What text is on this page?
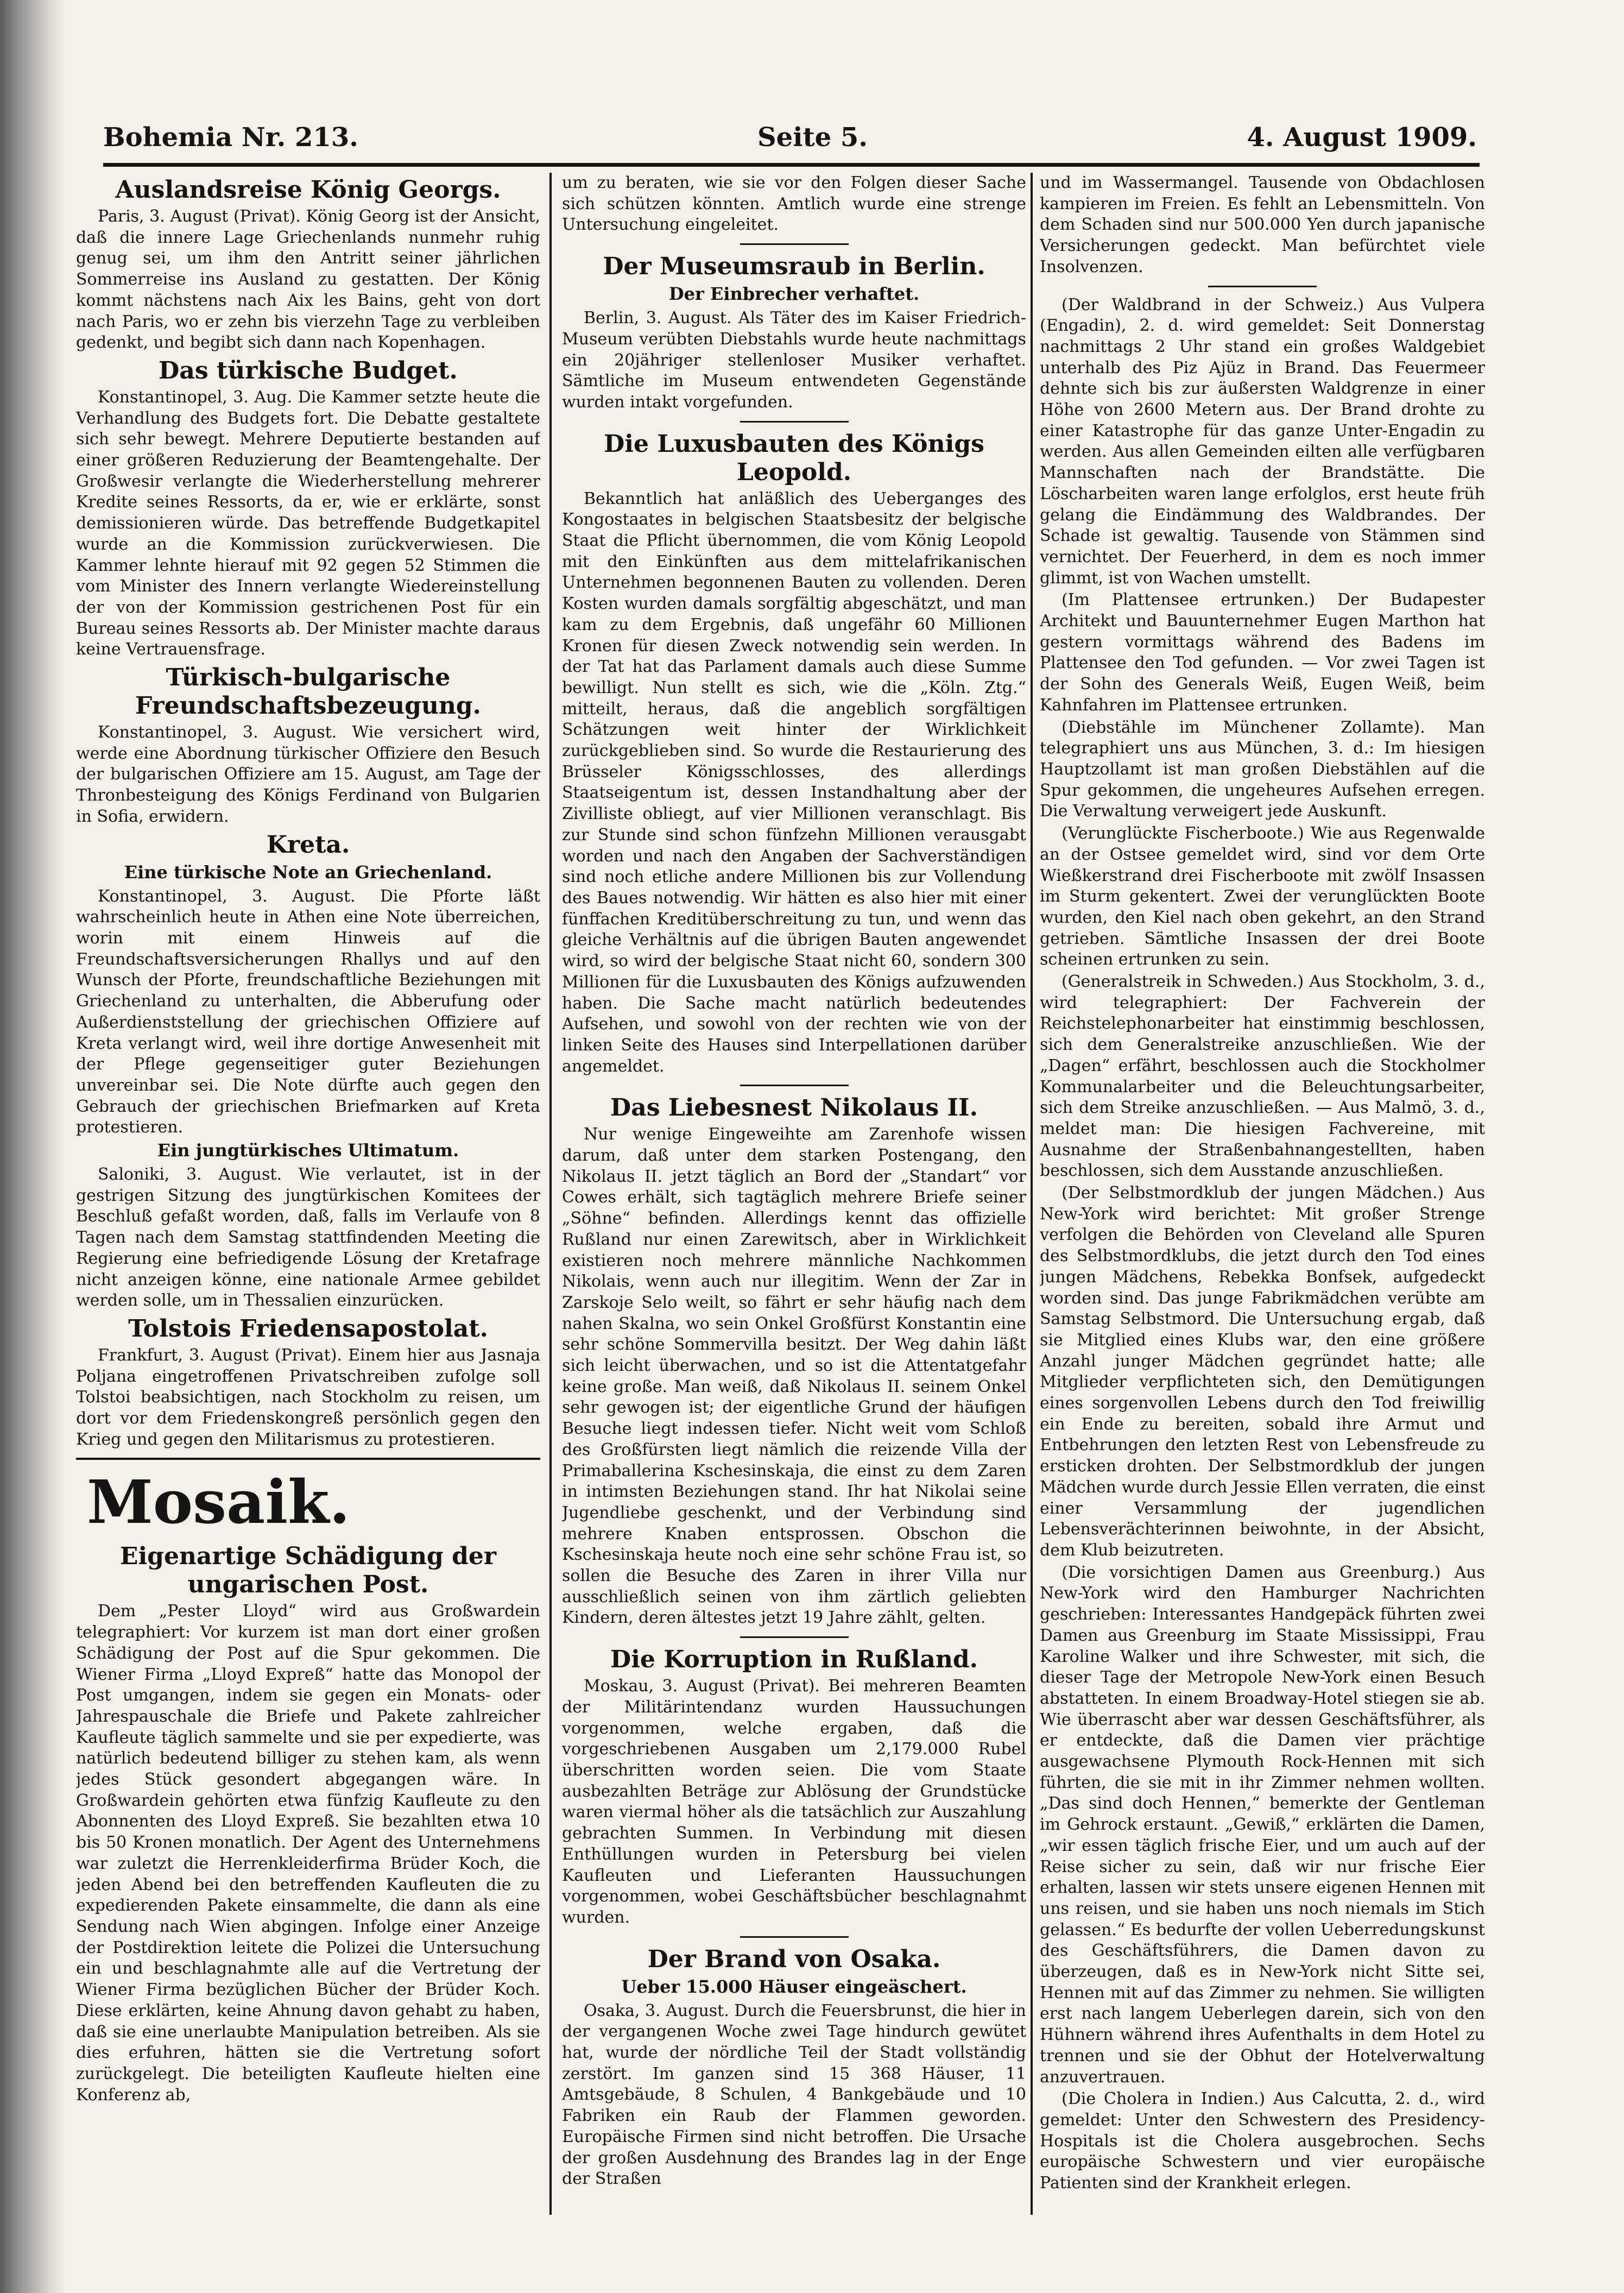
Bohemia Nr. 213.	Seite 5.	4. August 1909.
Auslandsreise König Georgs.

Paris, 3. August (Privat). König Georg ist der Ansicht, daß die innere Lage Griechenlands nunmehr ruhig genug sei, um ihm den Antritt seiner jährlichen Sommerreise ins Ausland zu gestatten. Der König kommt nächstens nach Aix les Bains, geht von dort nach Paris, wo er zehn bis vierzehn Tage zu verbleiben gedenkt, und begibt sich dann nach Kopenhagen.

Das türkische Budget.

Konstantinopel, 3. Aug. Die Kammer setzte heute die Verhandlung des Budgets fort. Die Debatte gestaltete sich sehr bewegt. Mehrere Deputierte bestanden auf einer größeren Reduzierung der Beamtengehalte. Der Großwesir verlangte die Wiederherstellung mehrerer Kredite seines Ressorts, da er, wie er erklärte, sonst demissionieren würde. Das betreffende Budgetkapitel wurde an die Kommission zurückverwiesen. Die Kammer lehnte hierauf mit 92 gegen 52 Stimmen die vom Minister des Innern verlangte Wiedereinstellung der von der Kommission gestrichenen Post für ein Bureau seines Ressorts ab. Der Minister machte daraus keine Vertrauensfrage.

Türkisch-bulgarische Freundschaftsbezeugung.

Konstantinopel, 3. August. Wie versichert wird, werde eine Abordnung türkischer Offiziere den Besuch der bulgarischen Offiziere am 15. August, am Tage der Thronbesteigung des Königs Ferdinand von Bulgarien in Sofia, erwidern.

Kreta.
Eine türkische Note an Griechenland.

Konstantinopel, 3. August. Die Pforte läßt wahrscheinlich heute in Athen eine Note überreichen, worin mit einem Hinweis auf die Freundschaftsversicherungen Rhallys und auf den Wunsch der Pforte, freundschaftliche Beziehungen mit Griechenland zu unterhalten, die Abberufung oder Außerdienststellung der griechischen Offiziere auf Kreta verlangt wird, weil ihre dortige Anwesenheit mit der Pflege gegenseitiger guter Beziehungen unvereinbar sei. Die Note dürfte auch gegen den Gebrauch der griechischen Briefmarken auf Kreta protestieren.

Ein jungtürkisches Ultimatum.

Saloniki, 3. August. Wie verlautet, ist in der gestrigen Sitzung des jungtürkischen Komitees der Beschluß gefaßt worden, daß, falls im Verlaufe von 8 Tagen nach dem Samstag stattfindenden Meeting die Regierung eine befriedigende Lösung der Kretafrage nicht anzeigen könne, eine nationale Armee gebildet werden solle, um in Thessalien einzurücken.

Tolstois Friedensapostolat.

Frankfurt, 3. August (Privat). Einem hier aus Jasnaja Poljana eingetroffenen Privatschreiben zufolge soll Tolstoi beabsichtigen, nach Stockholm zu reisen, um dort vor dem Friedenskongreß persönlich gegen den Krieg und gegen den Militarismus zu protestieren.

Mosaik.
Eigenartige Schädigung der ungarischen Post.

Dem „Pester Lloyd“ wird aus Großwardein telegraphiert: Vor kurzem ist man dort einer großen Schädigung der Post auf die Spur gekommen. Die Wiener Firma „Lloyd Expreß“ hatte das Monopol der Post umgangen, indem sie gegen ein Monats- oder Jahrespauschale die Briefe und Pakete zahlreicher Kaufleute täglich sammelte und sie per expedierte, was natürlich bedeutend billiger zu stehen kam, als wenn jedes Stück gesondert abgegangen wäre. In Großwardein gehörten etwa fünfzig Kaufleute zu den Abonnenten des Lloyd Expreß. Sie bezahlten etwa 10 bis 50 Kronen monatlich. Der Agent des Unternehmens war zuletzt die Herrenkleiderfirma Brüder Koch, die jeden Abend bei den betreffenden Kaufleuten die zu expedierenden Pakete einsammelte, die dann als eine Sendung nach Wien abgingen. Infolge einer Anzeige der Postdirektion leitete die Polizei die Untersuchung ein und beschlagnahmte alle auf die Vertretung der Wiener Firma bezüglichen Bücher der Brüder Koch. Diese erklärten, keine Ahnung davon gehabt zu haben, daß sie eine unerlaubte Manipulation betreiben. Als sie dies erfuhren, hätten sie die Vertretung sofort zurückgelegt. Die beteiligten Kaufleute hielten eine Konferenz ab,

um zu beraten, wie sie vor den Folgen dieser Sache sich schützen könnten. Amtlich wurde eine strenge Untersuchung eingeleitet.

Der Museumsraub in Berlin.
Der Einbrecher verhaftet.

Berlin, 3. August. Als Täter des im Kaiser Friedrich-Museum verübten Diebstahls wurde heute nachmittags ein 20jähriger stellenloser Musiker verhaftet. Sämtliche im Museum entwendeten Gegenstände wurden intakt vorgefunden.

Die Luxusbauten des Königs Leopold.

Bekanntlich hat anläßlich des Ueberganges des Kongostaates in belgischen Staatsbesitz der belgische Staat die Pflicht übernommen, die vom König Leopold mit den Einkünften aus dem mittelafrikanischen Unternehmen begonnenen Bauten zu vollenden. Deren Kosten wurden damals sorgfältig abgeschätzt, und man kam zu dem Ergebnis, daß ungefähr 60 Millionen Kronen für diesen Zweck notwendig sein werden. In der Tat hat das Parlament damals auch diese Summe bewilligt. Nun stellt es sich, wie die „Köln. Ztg.“ mitteilt, heraus, daß die angeblich sorgfältigen Schätzungen weit hinter der Wirklichkeit zurückgeblieben sind. So wurde die Restaurierung des Brüsseler Königsschlosses, des allerdings Staatseigentum ist, dessen Instandhaltung aber der Zivilliste obliegt, auf vier Millionen veranschlagt. Bis zur Stunde sind schon fünfzehn Millionen verausgabt worden und nach den Angaben der Sachverständigen sind noch etliche andere Millionen bis zur Vollendung des Baues notwendig. Wir hätten es also hier mit einer fünffachen Kreditüberschreitung zu tun, und wenn das gleiche Verhältnis auf die übrigen Bauten angewendet wird, so wird der belgische Staat nicht 60, sondern 300 Millionen für die Luxusbauten des Königs aufzuwenden haben. Die Sache macht natürlich bedeutendes Aufsehen, und sowohl von der rechten wie von der linken Seite des Hauses sind Interpellationen darüber angemeldet.

Das Liebesnest Nikolaus II.

Nur wenige Eingeweihte am Zarenhofe wissen darum, daß unter dem starken Postengang, den Nikolaus II. jetzt täglich an Bord der „Standart“ vor Cowes erhält, sich tagtäglich mehrere Briefe seiner „Söhne“ befinden. Allerdings kennt das offizielle Rußland nur einen Zarewitsch, aber in Wirklichkeit existieren noch mehrere männliche Nachkommen Nikolais, wenn auch nur illegitim. Wenn der Zar in Zarskoje Selo weilt, so fährt er sehr häufig nach dem nahen Skalna, wo sein Onkel Großfürst Konstantin eine sehr schöne Sommervilla besitzt. Der Weg dahin läßt sich leicht überwachen, und so ist die Attentatgefahr keine große. Man weiß, daß Nikolaus II. seinem Onkel sehr gewogen ist; der eigentliche Grund der häufigen Besuche liegt indessen tiefer. Nicht weit vom Schloß des Großfürsten liegt nämlich die reizende Villa der Primaballerina Kschesinskaja, die einst zu dem Zaren in intimsten Beziehungen stand. Ihr hat Nikolai seine Jugendliebe geschenkt, und der Verbindung sind mehrere Knaben entsprossen. Obschon die Kschesinskaja heute noch eine sehr schöne Frau ist, so sollen die Besuche des Zaren in ihrer Villa nur ausschließlich seinen von ihm zärtlich geliebten Kindern, deren ältestes jetzt 19 Jahre zählt, gelten.

Die Korruption in Rußland.

Moskau, 3. August (Privat). Bei mehreren Beamten der Militärintendanz wurden Haussuchungen vorgenommen, welche ergaben, daß die vorgeschriebenen Ausgaben um 2,179.000 Rubel überschritten worden seien. Die vom Staate ausbezahlten Beträge zur Ablösung der Grundstücke waren viermal höher als die tatsächlich zur Auszahlung gebrachten Summen. In Verbindung mit diesen Enthüllungen wurden in Petersburg bei vielen Kaufleuten und Lieferanten Haussuchungen vorgenommen, wobei Geschäftsbücher beschlagnahmt wurden.

Der Brand von Osaka.
Ueber 15.000 Häuser eingeäschert.

Osaka, 3. August. Durch die Feuersbrunst, die hier in der vergangenen Woche zwei Tage hindurch gewütet hat, wurde der nördliche Teil der Stadt vollständig zerstört. Im ganzen sind 15 368 Häuser, 11 Amtsgebäude, 8 Schulen, 4 Bankgebäude und 10 Fabriken ein Raub der Flammen geworden. Europäische Firmen sind nicht betroffen. Die Ursache der großen Ausdehnung des Brandes lag in der Enge der Straßen

und im Wassermangel. Tausende von Obdachlosen kampieren im Freien. Es fehlt an Lebensmitteln. Von dem Schaden sind nur 500.000 Yen durch japanische Versicherungen gedeckt. Man befürchtet viele Insolvenzen.

(Der Waldbrand in der Schweiz.) Aus Vulpera (Engadin), 2. d. wird gemeldet: Seit Donnerstag nachmittags 2 Uhr stand ein großes Waldgebiet unterhalb des Piz Ajüz in Brand. Das Feuermeer dehnte sich bis zur äußersten Waldgrenze in einer Höhe von 2600 Metern aus. Der Brand drohte zu einer Katastrophe für das ganze Unter-Engadin zu werden. Aus allen Gemeinden eilten alle verfügbaren Mannschaften nach der Brandstätte. Die Löscharbeiten waren lange erfolglos, erst heute früh gelang die Eindämmung des Waldbrandes. Der Schade ist gewaltig. Tausende von Stämmen sind vernichtet. Der Feuerherd, in dem es noch immer glimmt, ist von Wachen umstellt.

(Im Plattensee ertrunken.) Der Budapester Architekt und Bauunternehmer Eugen Marthon hat gestern vormittags während des Badens im Plattensee den Tod gefunden. — Vor zwei Tagen ist der Sohn des Generals Weiß, Eugen Weiß, beim Kahnfahren im Plattensee ertrunken.

(Diebstähle im Münchener Zollamte). Man telegraphiert uns aus München, 3. d.: Im hiesigen Hauptzollamt ist man großen Diebstählen auf die Spur gekommen, die ungeheures Aufsehen erregen. Die Verwaltung verweigert jede Auskunft.

(Verunglückte Fischerboote.) Wie aus Regenwalde an der Ostsee gemeldet wird, sind vor dem Orte Wießkerstrand drei Fischerboote mit zwölf Insassen im Sturm gekentert. Zwei der verunglückten Boote wurden, den Kiel nach oben gekehrt, an den Strand getrieben. Sämtliche Insassen der drei Boote scheinen ertrunken zu sein.

(Generalstreik in Schweden.) Aus Stockholm, 3. d., wird telegraphiert: Der Fachverein der Reichstelephonarbeiter hat einstimmig beschlossen, sich dem Generalstreike anzuschließen. Wie der „Dagen“ erfährt, beschlossen auch die Stockholmer Kommunalarbeiter und die Beleuchtungsarbeiter, sich dem Streike anzuschließen. — Aus Malmö, 3. d., meldet man: Die hiesigen Fachvereine, mit Ausnahme der Straßenbahnangestellten, haben beschlossen, sich dem Ausstande anzuschließen.

(Der Selbstmordklub der jungen Mädchen.) Aus New-York wird berichtet: Mit großer Strenge verfolgen die Behörden von Cleveland alle Spuren des Selbstmordklubs, die jetzt durch den Tod eines jungen Mädchens, Rebekka Bonfsek, aufgedeckt worden sind. Das junge Fabrikmädchen verübte am Samstag Selbstmord. Die Untersuchung ergab, daß sie Mitglied eines Klubs war, den eine größere Anzahl junger Mädchen gegründet hatte; alle Mitglieder verpflichteten sich, den Demütigungen eines sorgenvollen Lebens durch den Tod freiwillig ein Ende zu bereiten, sobald ihre Armut und Entbehrungen den letzten Rest von Lebensfreude zu ersticken drohten. Der Selbstmordklub der jungen Mädchen wurde durch Jessie Ellen verraten, die einst einer Versammlung der jugendlichen Lebensverächterinnen beiwohnte, in der Absicht, dem Klub beizutreten.

(Die vorsichtigen Damen aus Greenburg.) Aus New-York wird den Hamburger Nachrichten geschrieben: Interessantes Handgepäck führten zwei Damen aus Greenburg im Staate Mississippi, Frau Karoline Walker und ihre Schwester, mit sich, die dieser Tage der Metropole New-York einen Besuch abstatteten. In einem Broadway-Hotel stiegen sie ab. Wie überrascht aber war dessen Geschäftsführer, als er entdeckte, daß die Damen vier prächtige ausgewachsene Plymouth Rock-Hennen mit sich führten, die sie mit in ihr Zimmer nehmen wollten. „Das sind doch Hennen,“ bemerkte der Gentleman im Gehrock erstaunt. „Gewiß,“ erklärten die Damen, „wir essen täglich frische Eier, und um auch auf der Reise sicher zu sein, daß wir nur frische Eier erhalten, lassen wir stets unsere eigenen Hennen mit uns reisen, und sie haben uns noch niemals im Stich gelassen.“ Es bedurfte der vollen Ueberredungskunst des Geschäftsführers, die Damen davon zu überzeugen, daß es in New-York nicht Sitte sei, Hennen mit auf das Zimmer zu nehmen. Sie willigten erst nach langem Ueberlegen darein, sich von den Hühnern während ihres Aufenthalts in dem Hotel zu trennen und sie der Obhut der Hotelverwaltung anzuvertrauen.

(Die Cholera in Indien.) Aus Calcutta, 2. d., wird gemeldet: Unter den Schwestern des Presidency-Hospitals ist die Cholera ausgebrochen. Sechs europäische Schwestern und vier europäische Patienten sind der Krankheit erlegen.
